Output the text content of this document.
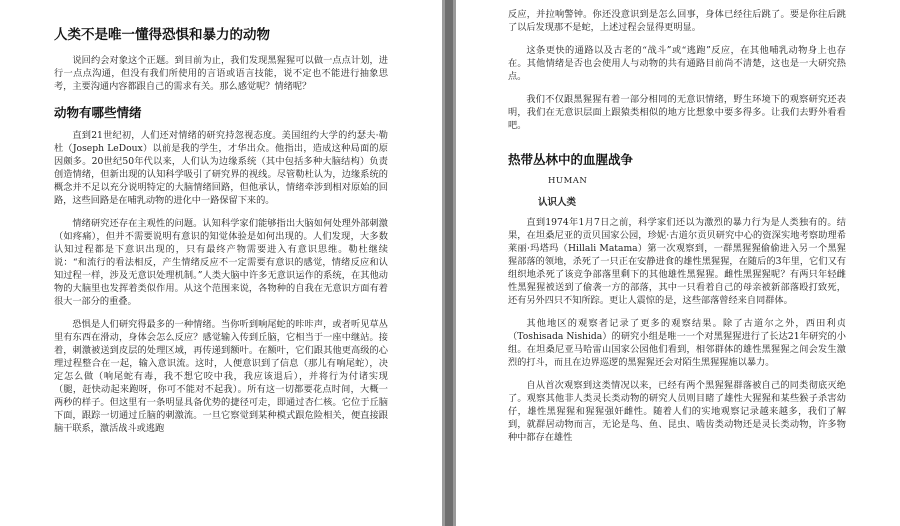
人类不是唯一懂得恐惧和暴力的动物

说回约会对象这个正题。到目前为止，我们发现黑猩猩可以做一点点计划，进行一点点沟通，但没有我们所使用的言语或语言技能，说不定也不能进行抽象思考，主要沟通内容都跟自己的需求有关。那么感觉呢？情绪呢？

动物有哪些情绪

直到21世纪初，人们还对情绪的研究持忽视态度。美国纽约大学的约瑟夫·勒杜（Joseph LeDoux）以前是我的学生，才华出众。他指出，造成这种局面的原因颇多。20世纪50年代以来，人们认为边缘系统（其中包括多种大脑结构）负责创造情绪，但新出现的认知科学吸引了研究界的视线。尽管勒杜认为，边缘系统的概念并不足以充分说明特定的大脑情绪回路，但他承认，情绪牵涉到相对原始的回路，这些回路是在哺乳动物的进化中一路保留下来的。

情绪研究还存在主观性的问题。认知科学家们能够指出大脑如何处理外部刺激（如疼痛），但并不需要说明有意识的知觉体验是如何出现的。人们发现，大多数认知过程都是下意识出现的，只有最终产物需要进入有意识思维。勒杜继续说：“和流行的看法相反，产生情绪反应不一定需要有意识的感觉，情绪反应和认知过程一样，涉及无意识处理机制。”人类大脑中许多无意识运作的系统，在其他动物的大脑里也发挥着类似作用。从这个范围来说，各物种的自我在无意识方面有着很大一部分的重叠。

恐惧是人们研究得最多的一种情绪。当你听到响尾蛇的咔咔声，或者听见草丛里有东西在滑动，身体会怎么反应？感觉输入传到丘脑，它相当于一座中继站。接着，刺激被送到皮层的处理区域，再传递到额叶。在额叶，它们跟其他更高级的心理过程整合在一起，输入意识流。这时，人便意识到了信息（那儿有响尾蛇），决定怎么做（响尾蛇有毒，我不想它咬中我，我应该退后），并将行为付诸实现（腿，赶快动起来跑呀，你可不能对不起我）。所有这一切都要花点时间，大概一两秒的样子。但这里有一条明显具备优势的捷径可走，即通过杏仁核。它位于丘脑下面，跟踪一切通过丘脑的刺激流。一旦它察觉到某种模式跟危险相关，便直接跟脑干联系，激活战斗或逃跑

反应，并拉响警钟。你还没意识到是怎么回事，身体已经往后跳了。要是你往后跳了以后发现那不是蛇，上述过程会显得更明显。

这条更快的通路以及古老的“战斗”或“逃跑”反应，在其他哺乳动物身上也存在。其他情绪是否也会使用人与动物的共有通路目前尚不清楚，这也是一大研究热点。

我们不仅跟黑猩猩有着一部分相同的无意识情绪，野生环境下的观察研究还表明，我们在无意识层面上跟猿类相似的地方比想象中要多得多。让我们去野外看看吧。

热带丛林中的血腥战争
HUMAN
认识人类

直到1974年1月7日之前，科学家们还以为激烈的暴力行为是人类独有的。结果，在坦桑尼亚的贡贝国家公园，珍妮·古道尔贡贝研究中心的资深实地考察助理希莱丽·玛塔玛（Hillali Matama）第一次观察到，一群黑猩猩偷偷进入另一个黑猩猩部落的领地，杀死了一只正在安静进食的雄性黑猩猩，在随后的3年里，它们又有组织地杀死了该竞争部落里剩下的其他雄性黑猩猩。雌性黑猩猩呢？有两只年轻雌性黑猩猩被送到了偷袭一方的部落，其中一只看着自己的母亲被新部落殴打致死，还有另外四只不知所踪。更让人震惊的是，这些部落曾经来自同群体。

其他地区的观察者记录了更多的观察结果。除了古道尔之外，西田利贞（Toshisada Nishida）的研究小组是唯一一个对黑猩猩进行了长达21年研究的小组。在坦桑尼亚马哈雷山国家公园他们看到，相邻群体的雄性黑猩猩之间会发生激烈的打斗，而且在边界巡逻的黑猩猩还会对陌生黑猩猩施以暴力。

自从首次观察到这类情况以来，已经有两个黑猩猩群落被自己的同类彻底灭绝了。观察其他非人类灵长类动物的研究人员则目睹了雄性大猩猩和某些猴子杀害幼仔，雄性黑猩猩和猩猩强奸雌性。随着人们的实地观察记录越来越多，我们了解到，就群居动物而言，无论是鸟、鱼、昆虫、啮齿类动物还是灵长类动物，许多物种中都存在雄性
